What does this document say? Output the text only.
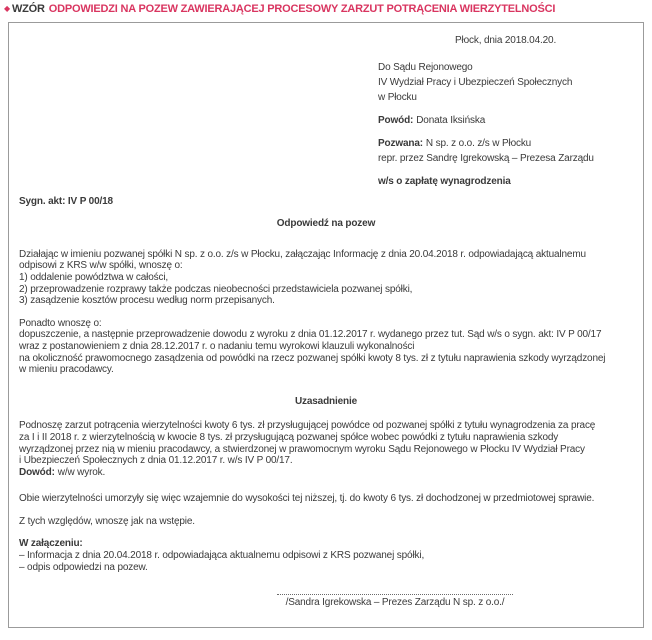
◆ WZÓR ODPOWIEDZI NA POZEW ZAWIERAJĄCEJ PROCESOWY ZARZUT POTRĄCENIA WIERZYTELNOŚCI
Płock, dnia 2018.04.20.
Do Sądu Rejonowego
IV Wydział Pracy i Ubezpieczeń Społecznych
w Płocku
Powód: Donata Iksińska
Pozwana: N sp. z o.o. z/s w Płocku
repr. przez Sandrę Igrekowską – Prezesa Zarządu
w/s o zapłatę wynagrodzenia
Sygn. akt: IV P 00/18
Odpowiedź na pozew
Działając w imieniu pozwanej spółki N sp. z o.o. z/s w Płocku, załączając Informację z dnia 20.04.2018 r. odpowiadającą aktualnemu
odpisowi z KRS w/w spółki, wnoszę o:
1) oddalenie powództwa w całości,
2) przeprowadzenie rozprawy także podczas nieobecności przedstawiciela pozwanej spółki,
3) zasądzenie kosztów procesu według norm przepisanych.
Ponadto wnoszę o:
dopuszczenie, a następnie przeprowadzenie dowodu z wyroku z dnia 01.12.2017 r. wydanego przez tut. Sąd w/s o sygn. akt: IV P 00/17
wraz z postanowieniem z dnia 28.12.2017 r. o nadaniu temu wyrokowi klauzuli wykonalności
na okoliczność prawomocnego zasądzenia od powódki na rzecz pozwanej spółki kwoty 8 tys. zł z tytułu naprawienia szkody wyrządzonej
w mieniu pracodawcy.
Uzasadnienie
Podnoszę zarzut potrącenia wierzytelności kwoty 6 tys. zł przysługującej powódce od pozwanej spółki z tytułu wynagrodzenia za pracę
za I i II 2018 r. z wierzytelnością w kwocie 8 tys. zł przysługującą pozwanej spółce wobec powódki z tytułu naprawienia szkody
wyrządzonej przez nią w mieniu pracodawcy, a stwierdzonej w prawomocnym wyroku Sądu Rejonowego w Płocku IV Wydział Pracy
i Ubezpieczeń Społecznych z dnia 01.12.2017 r. w/s IV P 00/17.
Dowód: w/w wyrok.
Obie wierzytelności umorzyły się więc wzajemnie do wysokości tej niższej, tj. do kwoty 6 tys. zł dochodzonej w przedmiotowej sprawie.
Z tych względów, wnoszę jak na wstępie.
W załączeniu:
– Informacja z dnia 20.04.2018 r. odpowiadająca aktualnemu odpisowi z KRS pozwanej spółki,
– odpis odpowiedzi na pozew.
/Sandra Igrekowska – Prezes Zarządu N sp. z o.o./
